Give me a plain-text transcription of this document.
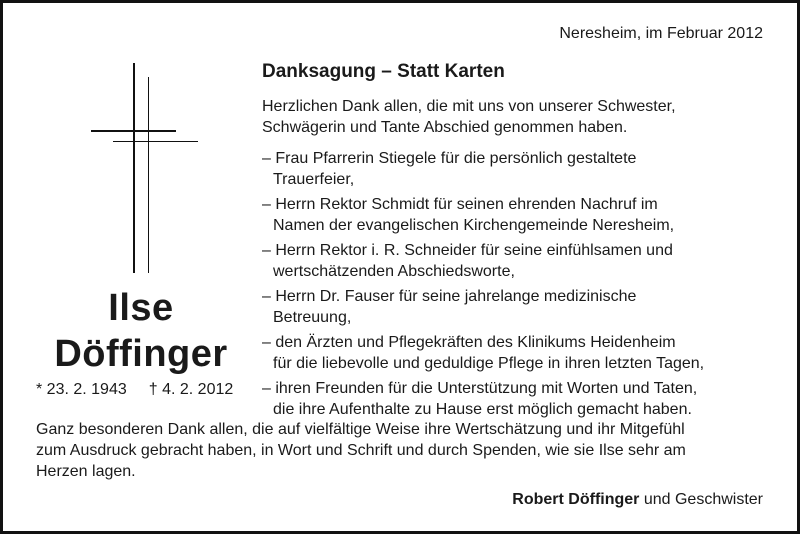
Neresheim, im Februar 2012
Ilse
Döffinger
* 23. 2. 1943 † 4. 2. 2012
Danksagung – Statt Karten
Herzlichen Dank allen, die mit uns von unserer Schwester,
Schwägerin und Tante Abschied genommen haben.
– Frau Pfarrerin Stiegele für die persönlich gestaltete
Trauerfeier,
– Herrn Rektor Schmidt für seinen ehrenden Nachruf im
Namen der evangelischen Kirchengemeinde Neresheim,
– Herrn Rektor i. R. Schneider für seine einfühlsamen und
wertschätzenden Abschiedsworte,
– Herrn Dr. Fauser für seine jahrelange medizinische
Betreuung,
– den Ärzten und Pflegekräften des Klinikums Heidenheim
für die liebevolle und geduldige Pflege in ihren letzten Tagen,
– ihren Freunden für die Unterstützung mit Worten und Taten,
die ihre Aufenthalte zu Hause erst möglich gemacht haben.
Ganz besonderen Dank allen, die auf vielfältige Weise ihre Wertschätzung und ihr Mitgefühl
zum Ausdruck gebracht haben, in Wort und Schrift und durch Spenden, wie sie Ilse sehr am
Herzen lagen.
Robert Döffinger und Geschwister
